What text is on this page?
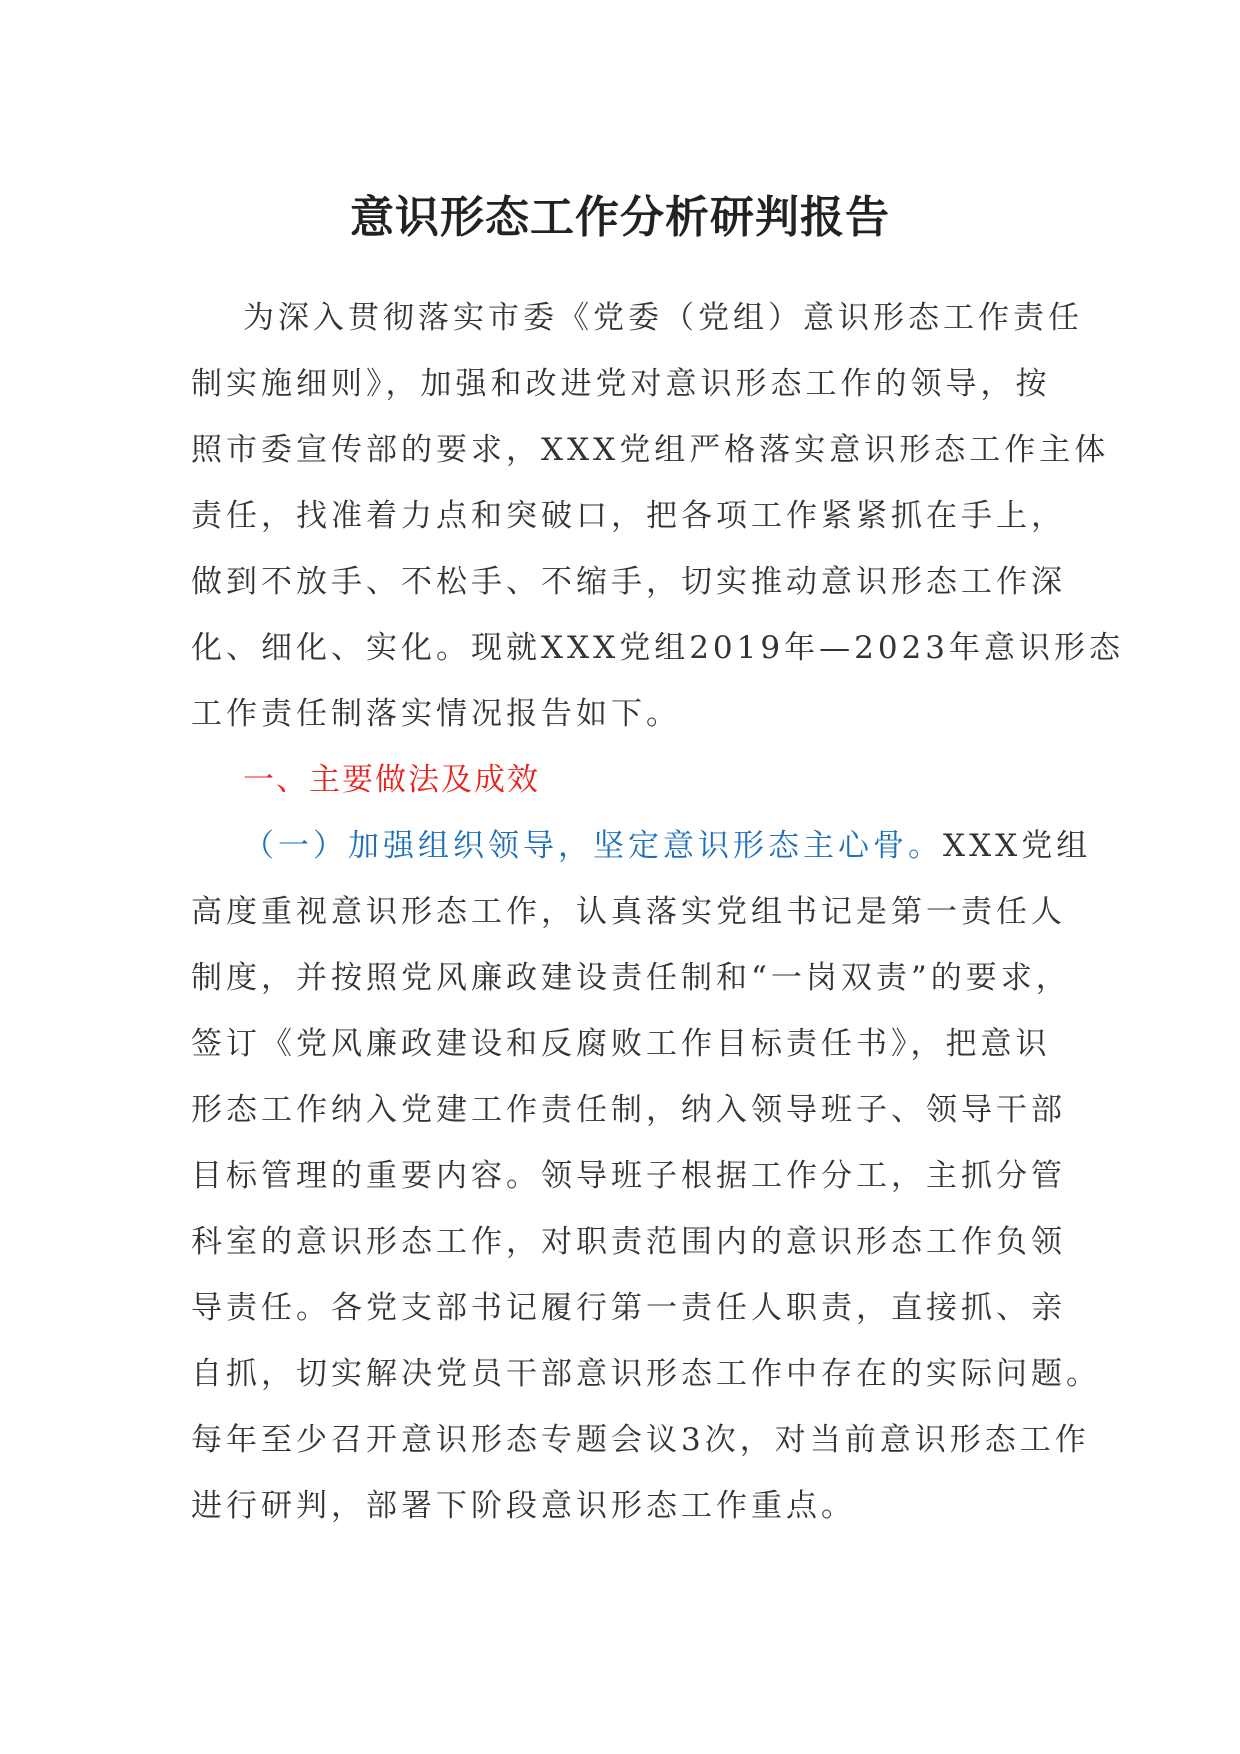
意识形态工作分析研判报告
为深入贯彻落实市委《党委（党组）意识形态工作责任
制实施细则》，加强和改进党对意识形态工作的领导，按
照市委宣传部的要求，XXX党组严格落实意识形态工作主体
责任，找准着力点和突破口，把各项工作紧紧抓在手上，
做到不放手、不松手、不缩手，切实推动意识形态工作深
化、细化、实化。现就XXX党组2019年—2023年意识形态
工作责任制落实情况报告如下。
一、主要做法及成效
（一）加强组织领导，坚定意识形态主心骨。XXX党组
高度重视意识形态工作，认真落实党组书记是第一责任人
制度，并按照党风廉政建设责任制和“一岗双责”的要求，
签订《党风廉政建设和反腐败工作目标责任书》，把意识
形态工作纳入党建工作责任制，纳入领导班子、领导干部
目标管理的重要内容。领导班子根据工作分工，主抓分管
科室的意识形态工作，对职责范围内的意识形态工作负领
导责任。各党支部书记履行第一责任人职责，直接抓、亲
自抓，切实解决党员干部意识形态工作中存在的实际问题。
每年至少召开意识形态专题会议3次，对当前意识形态工作
进行研判，部署下阶段意识形态工作重点。
